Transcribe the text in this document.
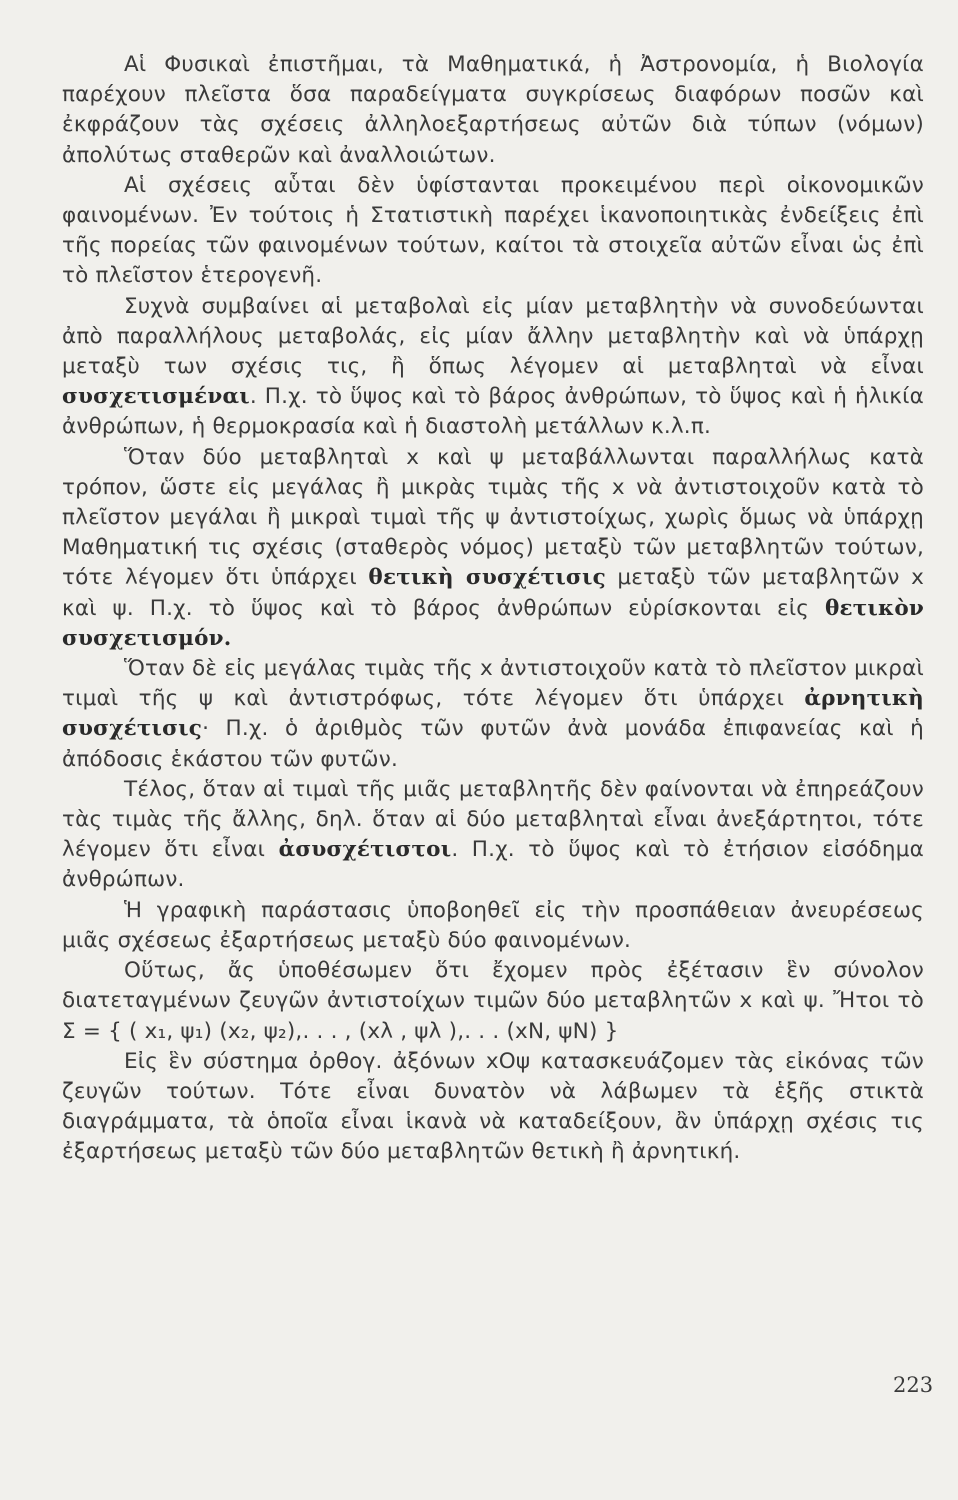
Αἱ Φυσικαὶ ἐπιστῆμαι, τὰ Μαθηματικά, ἡ Ἀστρονομία, ἡ Βιολογία παρέχουν πλεῖστα ὅσα παραδείγματα συγκρίσεως διαφόρων ποσῶν καὶ ἐκφράζουν τὰς σχέσεις ἀλληλοεξαρτήσεως αὐτῶν διὰ τύπων (νόμων) ἀπολύτως σταθερῶν καὶ ἀναλλοιώτων.

Αἱ σχέσεις αὗται δὲν ὑφίστανται προκειμένου περὶ οἰκονομικῶν φαινομένων. Ἐν τούτοις ἡ Στατιστικὴ παρέχει ἱκανοποιητικὰς ἐνδείξεις ἐπὶ τῆς πορείας τῶν φαινομένων τούτων, καίτοι τὰ στοιχεῖα αὐτῶν εἶναι ὡς ἐπὶ τὸ πλεῖστον ἑτερογενῆ.

Συχνὰ συμβαίνει αἱ μεταβολαὶ εἰς μίαν μεταβλητὴν νὰ συνοδεύωνται ἀπὸ παραλλήλους μεταβολάς, εἰς μίαν ἄλλην μεταβλητὴν καὶ νὰ ὑπάρχῃ μεταξὺ των σχέσις τις, ἢ ὅπως λέγομεν αἱ μεταβληταὶ νὰ εἶναι συσχετισμέναι. Π.χ. τὸ ὕψος καὶ τὸ βάρος ἀνθρώπων, τὸ ὕψος καὶ ἡ ἡλικία ἀνθρώπων, ἡ θερμοκρασία καὶ ἡ διαστολὴ μετάλλων κ.λ.π.

Ὅταν δύο μεταβληταὶ x καὶ ψ μεταβάλλωνται παραλλήλως κατὰ τρόπον, ὥστε εἰς μεγάλας ἢ μικρὰς τιμὰς τῆς x νὰ ἀντιστοιχοῦν κατὰ τὸ πλεῖστον μεγάλαι ἢ μικραὶ τιμαὶ τῆς ψ ἀντιστοίχως, χωρὶς ὅμως νὰ ὑπάρχῃ Μαθηματική τις σχέσις (σταθερὸς νόμος) μεταξὺ τῶν μεταβλητῶν τούτων, τότε λέγομεν ὅτι ὑπάρχει θετικὴ συσχέτισις μεταξὺ τῶν μεταβλητῶν x καὶ ψ. Π.χ. τὸ ὕψος καὶ τὸ βάρος ἀνθρώπων εὑρίσκονται εἰς θετικὸν συσχετισμόν.

Ὅταν δὲ εἰς μεγάλας τιμὰς τῆς x ἀντιστοιχοῦν κατὰ τὸ πλεῖστον μικραὶ τιμαὶ τῆς ψ καὶ ἀντιστρόφως, τότε λέγομεν ὅτι ὑπάρχει ἀρνητικὴ συσχέτισις· Π.χ. ὁ ἀριθμὸς τῶν φυτῶν ἀνὰ μονάδα ἐπιφανείας καὶ ἡ ἀπόδοσις ἑκάστου τῶν φυτῶν.

Τέλος, ὅταν αἱ τιμαὶ τῆς μιᾶς μεταβλητῆς δὲν φαίνονται νὰ ἐπηρεάζουν τὰς τιμὰς τῆς ἄλλης, δηλ. ὅταν αἱ δύο μεταβληταὶ εἶναι ἀνεξάρτητοι, τότε λέγομεν ὅτι εἶναι ἀσυσχέτιστοι. Π.χ. τὸ ὕψος καὶ τὸ ἐτήσιον εἰσόδημα ἀνθρώπων.

Ἡ γραφικὴ παράστασις ὑποβοηθεῖ εἰς τὴν προσπάθειαν ἀνευρέσεως μιᾶς σχέσεως ἐξαρτήσεως μεταξὺ δύο φαινομένων.

Οὕτως, ἄς ὑποθέσωμεν ὅτι ἔχομεν πρὸς ἐξέτασιν ἓν σύνολον διατεταγμένων ζευγῶν ἀντιστοίχων τιμῶν δύο μεταβλητῶν x καὶ ψ. Ἤτοι τὸ Σ = { ( x₁, ψ₁) (x₂, ψ₂),. . . , (xλ , ψλ ),. . . (xΝ, ψΝ) }

Εἰς ἓν σύστημα ὀρθογ. ἀξόνων xOψ κατασκευάζομεν τὰς εἰκόνας τῶν ζευγῶν τούτων. Τότε εἶναι δυνατὸν νὰ λάβωμεν τὰ ἑξῆς στικτὰ διαγράμματα, τὰ ὁποῖα εἶναι ἱκανὰ νὰ καταδείξουν, ἂν ὑπάρχῃ σχέσις τις ἐξαρτήσεως μεταξὺ τῶν δύο μεταβλητῶν θετικὴ ἢ ἀρνητική.

223
